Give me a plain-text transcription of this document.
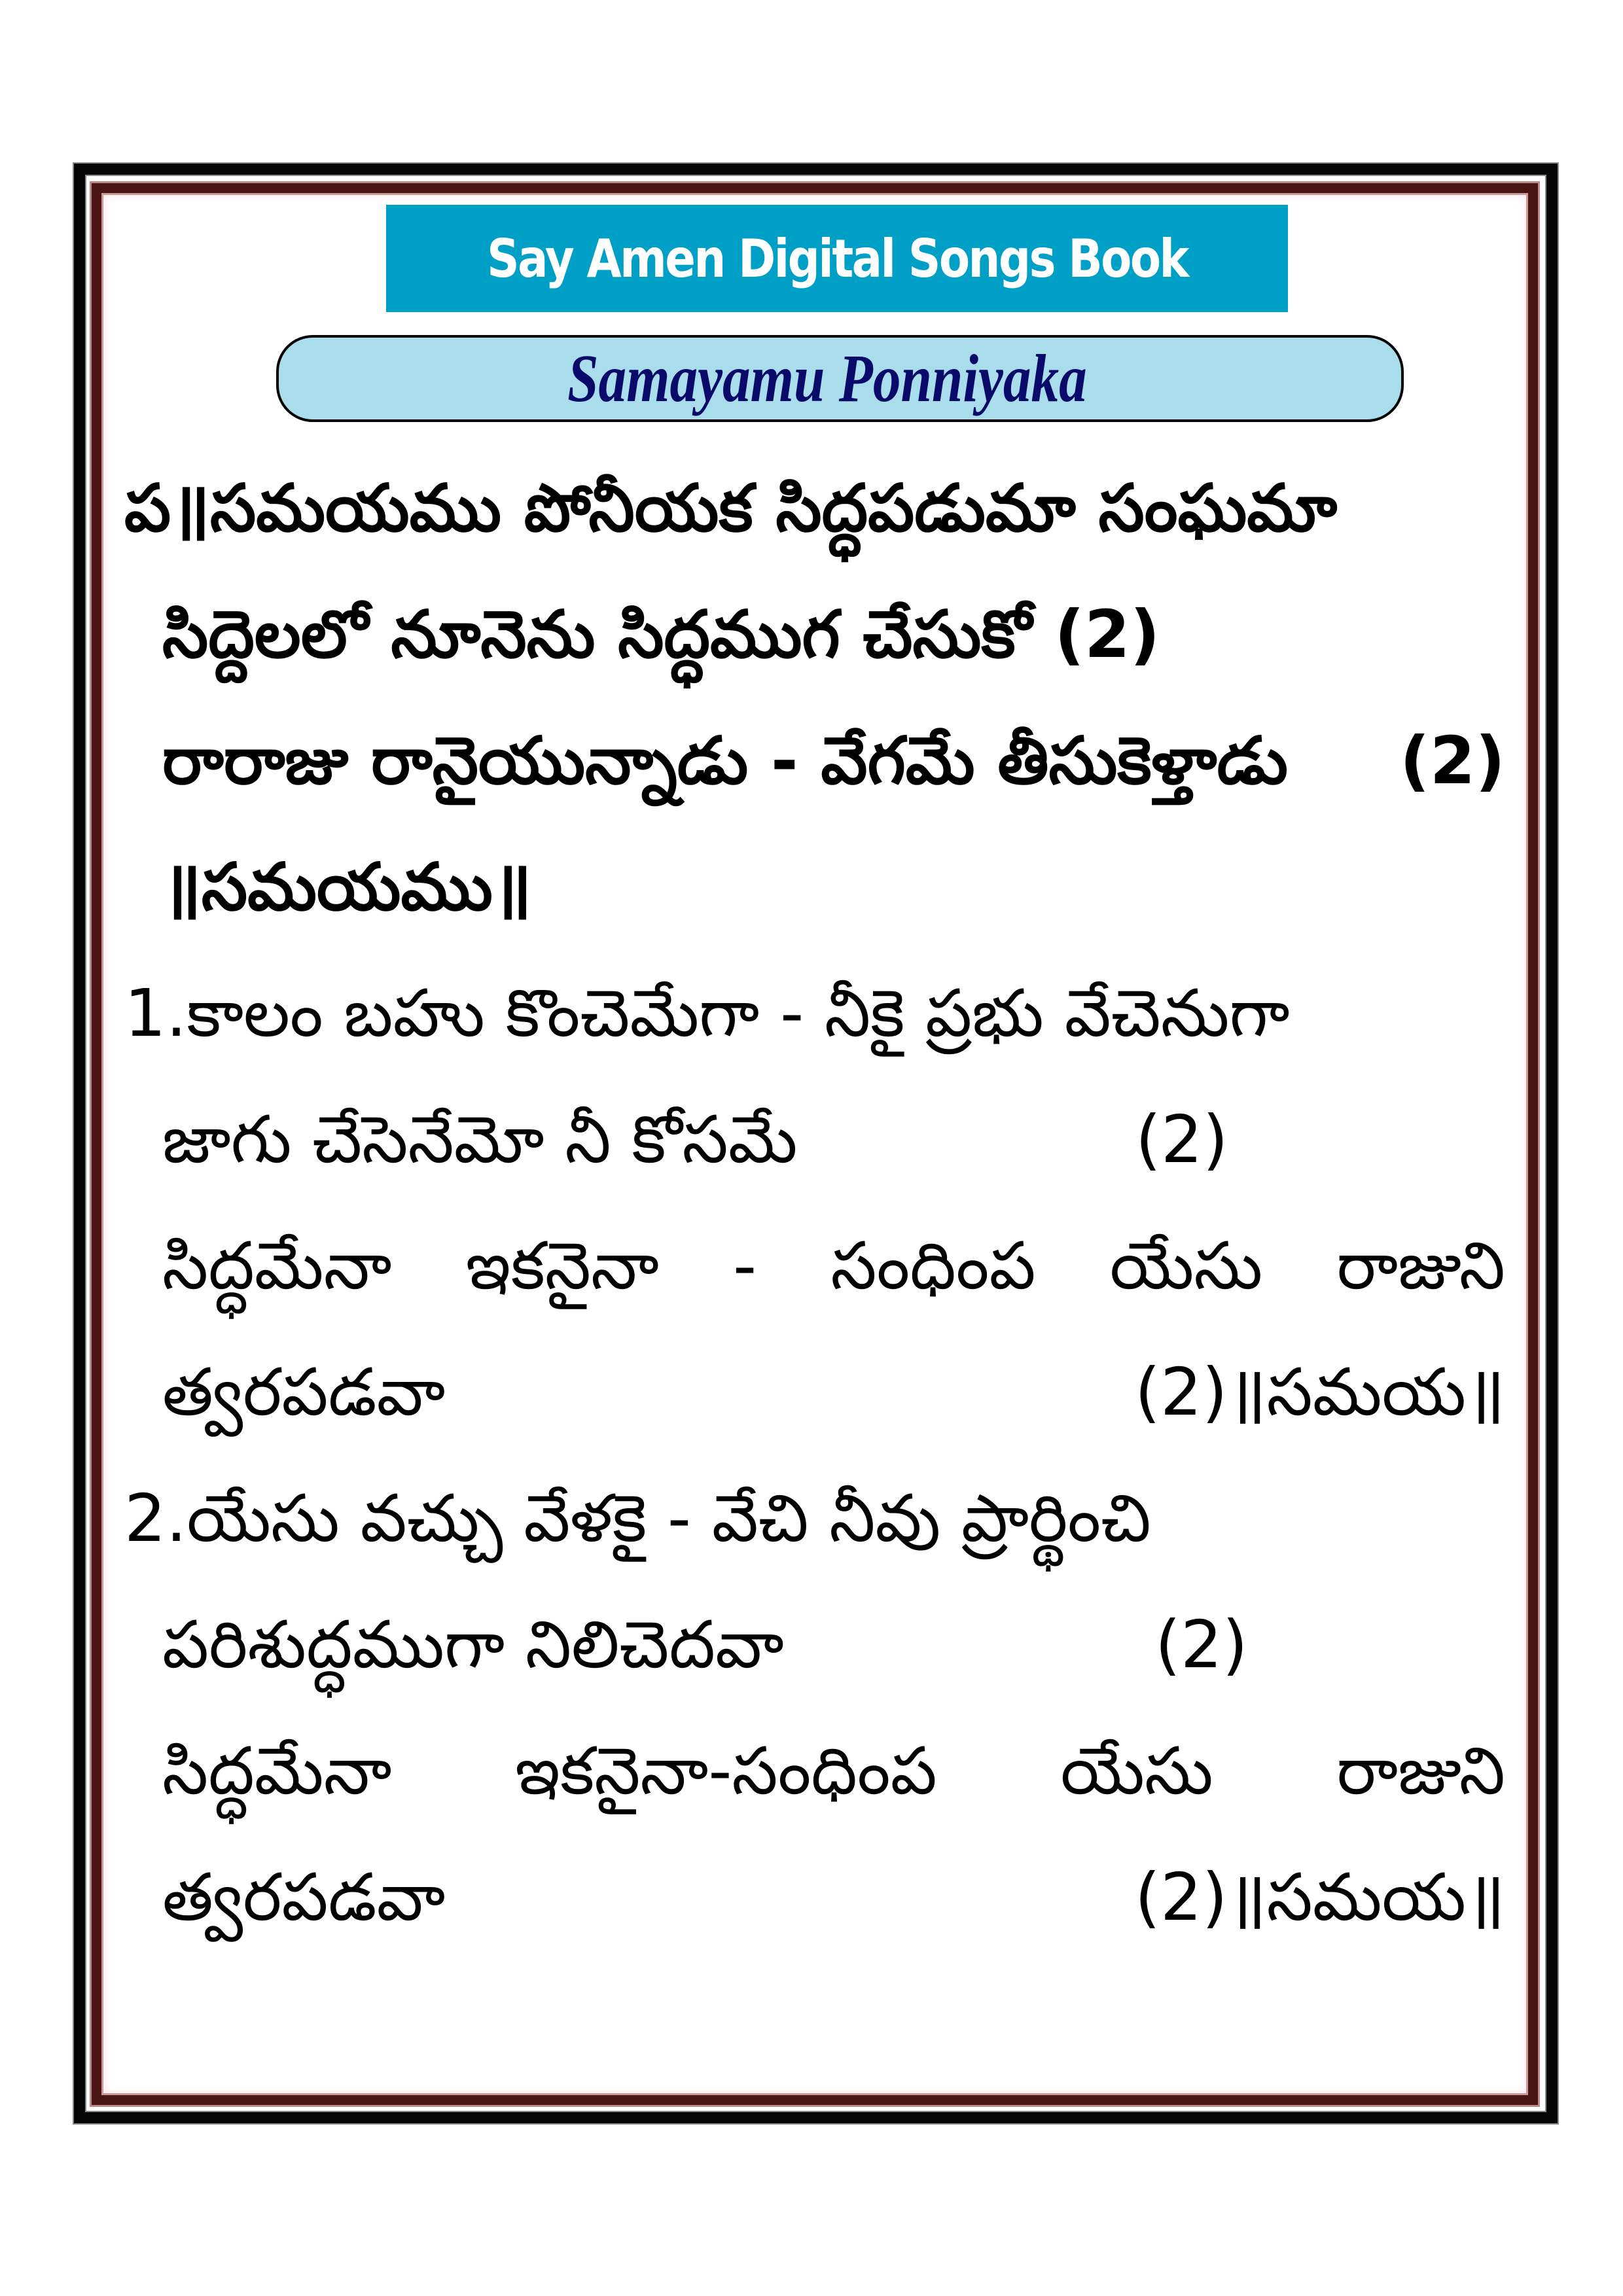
Say Amen Digital Songs Book
Samayamu Ponniyaka
ప॥సమయము పోనీయక సిద్ధపడుమా సంఘమా
సిద్దెలలో నూనెను సిద్ధముగ చేసుకో (2)
రారాజు రానైయున్నాడు - వేగమే తీసుకెళ్తాడు (2)
॥సమయము॥
1.కాలం బహు కొంచెమేగా - నీకై ప్రభు వేచెనుగా
జాగు చేసెనేమో నీ కోసమే	(2)
సిద్ధమేనా ఇకనైనా - సంధింప యేసు రాజుని
త్వరపడవా	(2)॥సమయ॥
2.యేసు వచ్చు వేళకై - వేచి నీవు ప్రార్థించి
పరిశుద్ధముగా నిలిచెదవా	(2)
సిద్ధమేనా ఇకనైనా-సంధింప యేసు రాజుని
త్వరపడవా	(2)॥సమయ॥
